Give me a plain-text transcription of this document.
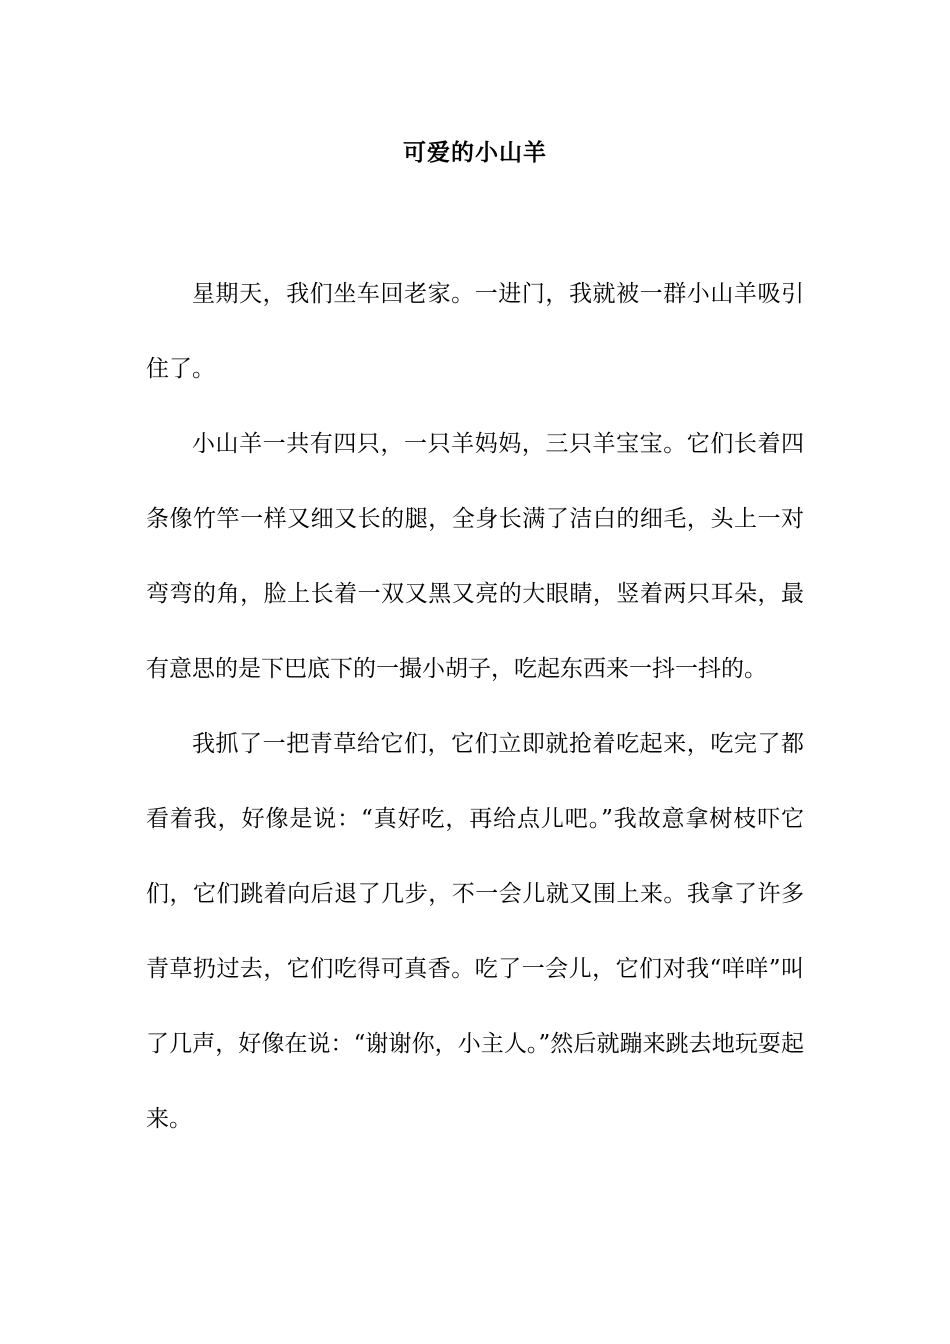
可爱的小山羊

星期天，我们坐车回老家。一进门，我就被一群小山羊吸引住了。

小山羊一共有四只，一只羊妈妈，三只羊宝宝。它们长着四条像竹竿一样又细又长的腿，全身长满了洁白的细毛，头上一对弯弯的角，脸上长着一双又黑又亮的大眼睛，竖着两只耳朵，最有意思的是下巴底下的一撮小胡子，吃起东西来一抖一抖的。

我抓了一把青草给它们，它们立即就抢着吃起来，吃完了都看着我，好像是说：“真好吃，再给点儿吧。”我故意拿树枝吓它们，它们跳着向后退了几步，不一会儿就又围上来。我拿了许多青草扔过去，它们吃得可真香。吃了一会儿，它们对我“咩咩”叫了几声，好像在说：“谢谢你，小主人。”然后就蹦来跳去地玩耍起来。
